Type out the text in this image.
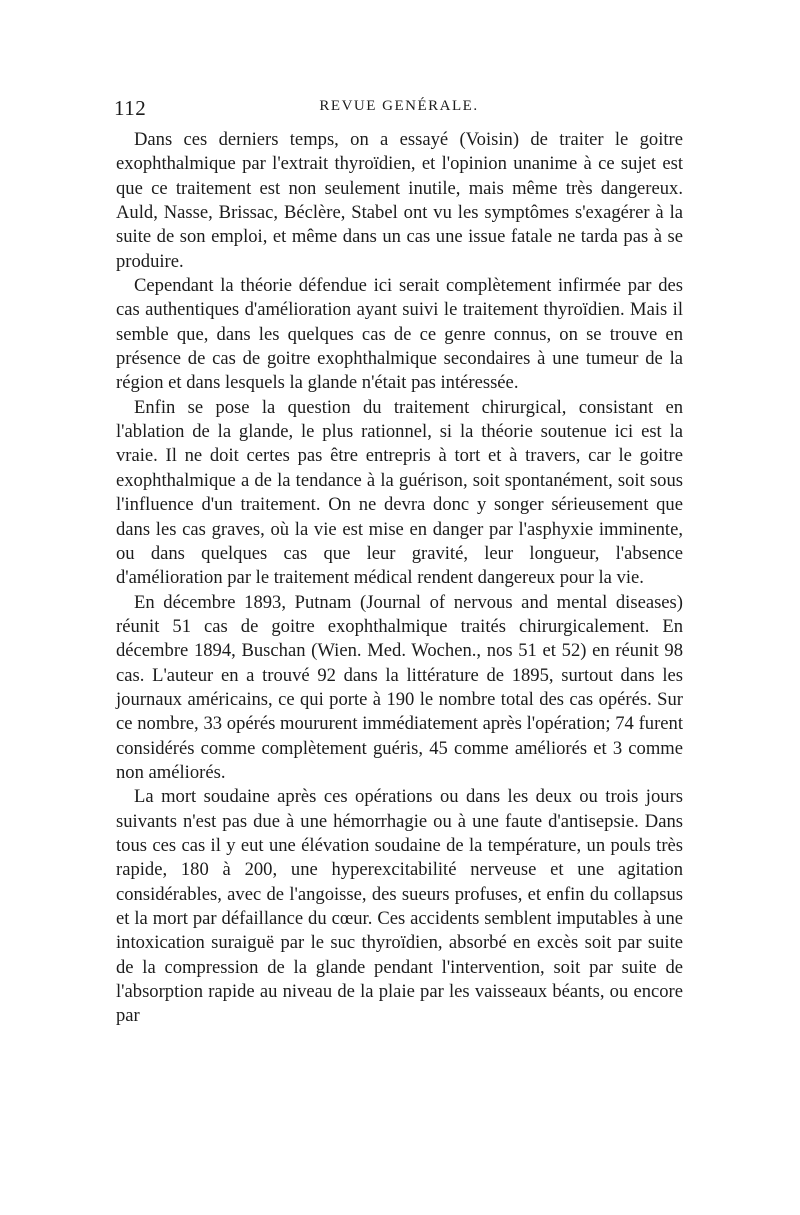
112	REVUE GENÉRALE.

Dans ces derniers temps, on a essayé (Voisin) de traiter le goitre exophthalmique par l'extrait thyroïdien, et l'opinion unanime à ce sujet est que ce traitement est non seulement inutile, mais même très dangereux. Auld, Nasse, Brissac, Béclère, Stabel ont vu les symptômes s'exagérer à la suite de son emploi, et même dans un cas une issue fatale ne tarda pas à se produire.

Cependant la théorie défendue ici serait complètement infirmée par des cas authentiques d'amélioration ayant suivi le traitement thyroïdien. Mais il semble que, dans les quelques cas de ce genre connus, on se trouve en présence de cas de goitre exophthalmique secondaires à une tumeur de la région et dans lesquels la glande n'était pas intéressée.

Enfin se pose la question du traitement chirurgical, consistant en l'ablation de la glande, le plus rationnel, si la théorie soutenue ici est la vraie. Il ne doit certes pas être entrepris à tort et à travers, car le goitre exophthalmique a de la tendance à la guérison, soit spontanément, soit sous l'influence d'un traitement. On ne devra donc y songer sérieusement que dans les cas graves, où la vie est mise en danger par l'asphyxie imminente, ou dans quelques cas que leur gravité, leur longueur, l'absence d'amélioration par le traitement médical rendent dangereux pour la vie.

En décembre 1893, Putnam (Journal of nervous and mental diseases) réunit 51 cas de goitre exophthalmique traités chirurgicalement. En décembre 1894, Buschan (Wien. Med. Wochen., nos 51 et 52) en réunit 98 cas. L'auteur en a trouvé 92 dans la littérature de 1895, surtout dans les journaux américains, ce qui porte à 190 le nombre total des cas opérés. Sur ce nombre, 33 opérés moururent immédiatement après l'opération; 74 furent considérés comme complètement guéris, 45 comme améliorés et 3 comme non améliorés.

La mort soudaine après ces opérations ou dans les deux ou trois jours suivants n'est pas due à une hémorrhagie ou à une faute d'antisepsie. Dans tous ces cas il y eut une élévation soudaine de la température, un pouls très rapide, 180 à 200, une hyperexcitabilité nerveuse et une agitation considérables, avec de l'angoisse, des sueurs profuses, et enfin du collapsus et la mort par défaillance du cœur. Ces accidents semblent imputables à une intoxication suraiguë par le suc thyroïdien, absorbé en excès soit par suite de la compression de la glande pendant l'intervention, soit par suite de l'absorption rapide au niveau de la plaie par les vaisseaux béants, ou encore par
